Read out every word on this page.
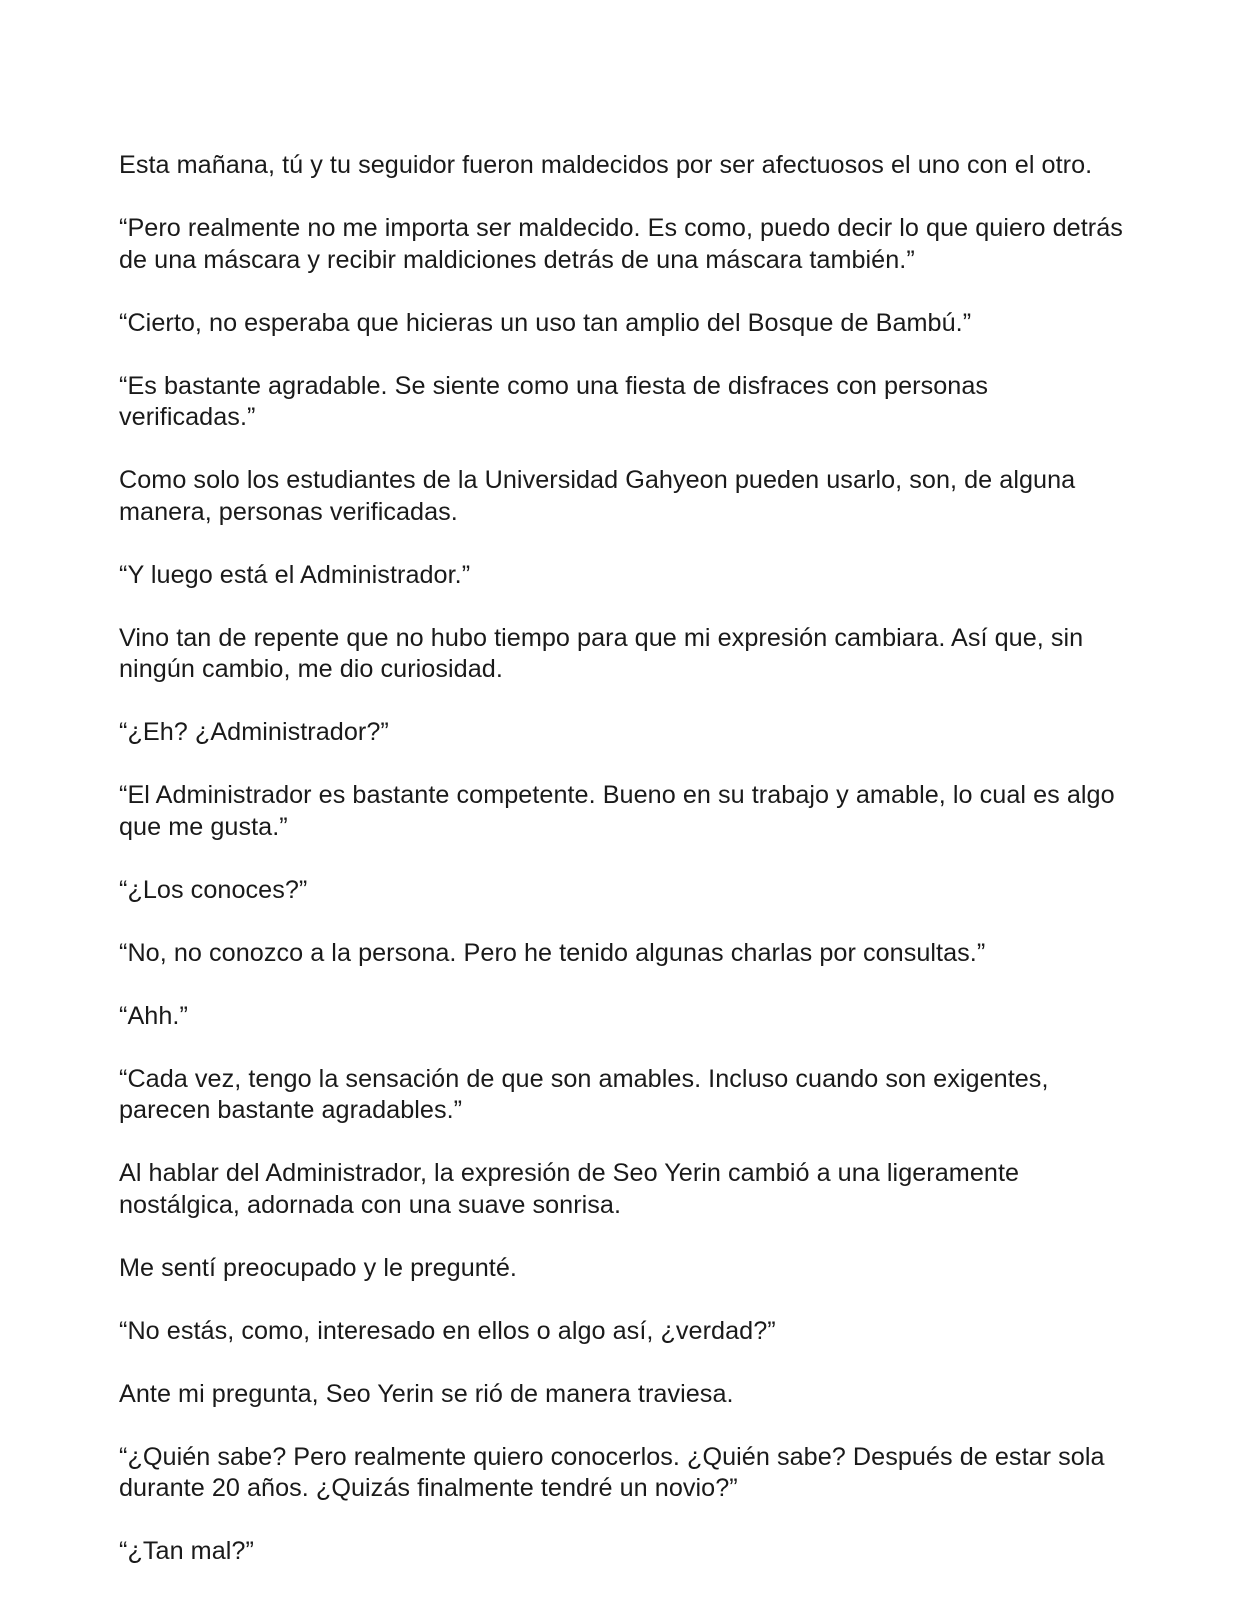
Esta mañana, tú y tu seguidor fueron maldecidos por ser afectuosos el uno con el otro.

“Pero realmente no me importa ser maldecido. Es como, puedo decir lo que quiero detrás de una máscara y recibir maldiciones detrás de una máscara también.”

“Cierto, no esperaba que hicieras un uso tan amplio del Bosque de Bambú.”

“Es bastante agradable. Se siente como una fiesta de disfraces con personas verificadas.”

Como solo los estudiantes de la Universidad Gahyeon pueden usarlo, son, de alguna manera, personas verificadas.

“Y luego está el Administrador.”

Vino tan de repente que no hubo tiempo para que mi expresión cambiara. Así que, sin ningún cambio, me dio curiosidad.

“¿Eh? ¿Administrador?”

“El Administrador es bastante competente. Bueno en su trabajo y amable, lo cual es algo que me gusta.”

“¿Los conoces?”

“No, no conozco a la persona. Pero he tenido algunas charlas por consultas.”

“Ahh.”

“Cada vez, tengo la sensación de que son amables. Incluso cuando son exigentes, parecen bastante agradables.”

Al hablar del Administrador, la expresión de Seo Yerin cambió a una ligeramente nostálgica, adornada con una suave sonrisa.

Me sentí preocupado y le pregunté.

“No estás, como, interesado en ellos o algo así, ¿verdad?”

Ante mi pregunta, Seo Yerin se rió de manera traviesa.

“¿Quién sabe? Pero realmente quiero conocerlos. ¿Quién sabe? Después de estar sola durante 20 años. ¿Quizás finalmente tendré un novio?”

“¿Tan mal?”
